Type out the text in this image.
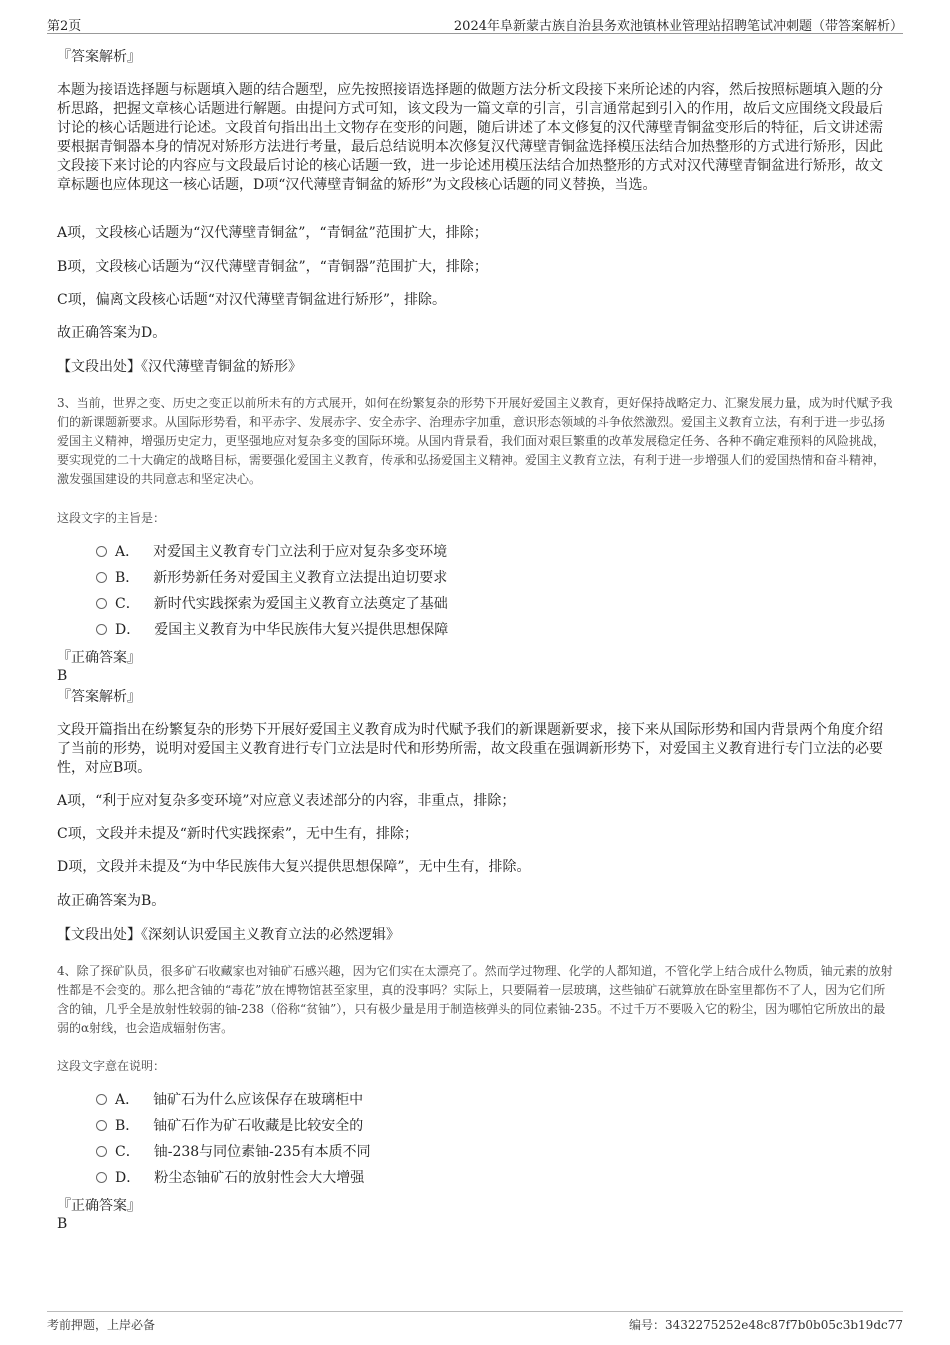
第2页	2024年阜新蒙古族自治县务欢池镇林业管理站招聘笔试冲刺题（带答案解析）
『答案解析』
本题为接语选择题与标题填入题的结合题型，应先按照接语选择题的做题方法分析文段接下来所论述的内容，然后按照标题填入题的分析思路，把握文章核心话题进行解题。由提问方式可知，该文段为一篇文章的引言，引言通常起到引入的作用，故后文应围绕文段最后讨论的核心话题进行论述。文段首句指出出土文物存在变形的问题，随后讲述了本文修复的汉代薄壁青铜盆变形后的特征，后文讲述需要根据青铜器本身的情况对矫形方法进行考量，最后总结说明本次修复汉代薄壁青铜盆选择模压法结合加热整形的方式进行矫形，因此文段接下来讨论的内容应与文段最后讨论的核心话题一致，进一步论述用模压法结合加热整形的方式对汉代薄壁青铜盆进行矫形，故文章标题也应体现这一核心话题，D项“汉代薄壁青铜盆的矫形”为文段核心话题的同义替换，当选。
A项，文段核心话题为“汉代薄壁青铜盆”，“青铜盆”范围扩大，排除；
B项，文段核心话题为“汉代薄壁青铜盆”，“青铜器”范围扩大，排除；
C项，偏离文段核心话题“对汉代薄壁青铜盆进行矫形”，排除。
故正确答案为D。
【文段出处】《汉代薄壁青铜盆的矫形》
3、当前，世界之变、历史之变正以前所未有的方式展开，如何在纷繁复杂的形势下开展好爱国主义教育，更好保持战略定力、汇聚发展力量，成为时代赋予我们的新课题新要求。从国际形势看，和平赤字、发展赤字、安全赤字、治理赤字加重，意识形态领域的斗争依然激烈。爱国主义教育立法，有利于进一步弘扬爱国主义精神，增强历史定力，更坚强地应对复杂多变的国际环境。从国内背景看，我们面对艰巨繁重的改革发展稳定任务、各种不确定难预料的风险挑战，要实现党的二十大确定的战略目标，需要强化爱国主义教育，传承和弘扬爱国主义精神。爱国主义教育立法，有利于进一步增强人们的爱国热情和奋斗精神，激发强国建设的共同意志和坚定决心。
这段文字的主旨是：
A． 对爱国主义教育专门立法利于应对复杂多变环境
B． 新形势新任务对爱国主义教育立法提出迫切要求
C． 新时代实践探索为爱国主义教育立法奠定了基础
D． 爱国主义教育为中华民族伟大复兴提供思想保障
『正确答案』
B
『答案解析』
文段开篇指出在纷繁复杂的形势下开展好爱国主义教育成为时代赋予我们的新课题新要求，接下来从国际形势和国内背景两个角度介绍了当前的形势，说明对爱国主义教育进行专门立法是时代和形势所需，故文段重在强调新形势下，对爱国主义教育进行专门立法的必要性，对应B项。
A项，“利于应对复杂多变环境”对应意义表述部分的内容，非重点，排除；
C项，文段并未提及“新时代实践探索”，无中生有，排除；
D项，文段并未提及“为中华民族伟大复兴提供思想保障”，无中生有，排除。
故正确答案为B。
【文段出处】《深刻认识爱国主义教育立法的必然逻辑》
4、除了探矿队员，很多矿石收藏家也对铀矿石感兴趣，因为它们实在太漂亮了。然而学过物理、化学的人都知道，不管化学上结合成什么物质，铀元素的放射性都是不会变的。那么把含铀的“毒花”放在博物馆甚至家里，真的没事吗？实际上，只要隔着一层玻璃，这些铀矿石就算放在卧室里都伤不了人，因为它们所含的铀，几乎全是放射性较弱的铀-238（俗称“贫铀”），只有极少量是用于制造核弹头的同位素铀-235。不过千万不要吸入它的粉尘，因为哪怕它所放出的最弱的α射线，也会造成辐射伤害。
这段文字意在说明：
A． 铀矿石为什么应该保存在玻璃柜中
B． 铀矿石作为矿石收藏是比较安全的
C． 铀-238与同位素铀-235有本质不同
D． 粉尘态铀矿石的放射性会大大增强
『正确答案』
B
考前押题，上岸必备	编号：3432275252e48c87f7b0b05c3b19dc77
